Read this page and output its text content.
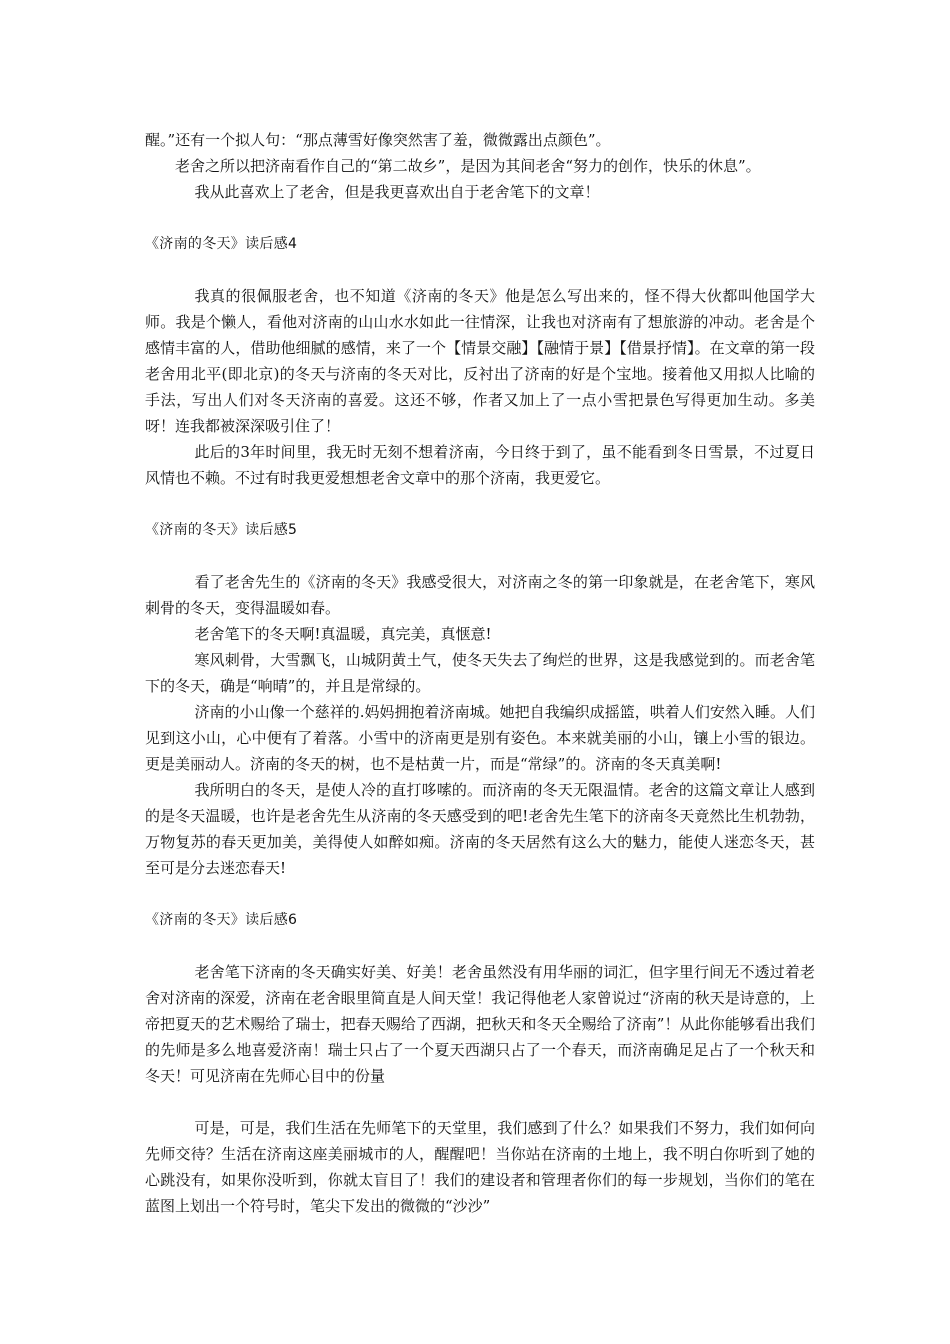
醒。”还有一个拟人句：“那点薄雪好像突然害了羞，微微露出点颜色”。

老舍之所以把济南看作自己的“第二故乡”，是因为其间老舍“努力的创作，快乐的休息”。

我从此喜欢上了老舍，但是我更喜欢出自于老舍笔下的文章！

《济南的冬天》读后感4

我真的很佩服老舍，也不知道《济南的冬天》他是怎么写出来的，怪不得大伙都叫他国学大师。我是个懒人，看他对济南的山山水水如此一往情深，让我也对济南有了想旅游的冲动。老舍是个感情丰富的人，借助他细腻的感情，来了一个【情景交融】【融情于景】【借景抒情】。在文章的第一段老舍用北平(即北京)的冬天与济南的冬天对比，反衬出了济南的好是个宝地。接着他又用拟人比喻的手法，写出人们对冬天济南的喜爱。这还不够，作者又加上了一点小雪把景色写得更加生动。多美呀！连我都被深深吸引住了！

此后的3年时间里，我无时无刻不想着济南，今日终于到了，虽不能看到冬日雪景，不过夏日风情也不赖。不过有时我更爱想想老舍文章中的那个济南，我更爱它。

《济南的冬天》读后感5

看了老舍先生的《济南的冬天》我感受很大，对济南之冬的第一印象就是，在老舍笔下，寒风刺骨的冬天，变得温暖如春。

老舍笔下的冬天啊!真温暖，真完美，真惬意!

寒风刺骨，大雪飘飞，山城阴黄土气，使冬天失去了绚烂的世界，这是我感觉到的。而老舍笔下的冬天，确是“响晴”的，并且是常绿的。

济南的小山像一个慈祥的.妈妈拥抱着济南城。她把自我编织成摇篮，哄着人们安然入睡。人们见到这小山，心中便有了着落。小雪中的济南更是别有姿色。本来就美丽的小山，镶上小雪的银边。更是美丽动人。济南的冬天的树，也不是枯黄一片，而是“常绿”的。济南的冬天真美啊!

我所明白的冬天，是使人冷的直打哆嗦的。而济南的冬天无限温情。老舍的这篇文章让人感到的是冬天温暖，也许是老舍先生从济南的冬天感受到的吧!老舍先生笔下的济南冬天竟然比生机勃勃，万物复苏的春天更加美，美得使人如醉如痴。济南的冬天居然有这么大的魅力，能使人迷恋冬天，甚至可是分去迷恋春天!

《济南的冬天》读后感6

老舍笔下济南的冬天确实好美、好美！老舍虽然没有用华丽的词汇，但字里行间无不透过着老舍对济南的深爱，济南在老舍眼里简直是人间天堂！我记得他老人家曾说过“济南的秋天是诗意的，上帝把夏天的艺术赐给了瑞士，把春天赐给了西湖，把秋天和冬天全赐给了济南”！从此你能够看出我们的先师是多么地喜爱济南！瑞士只占了一个夏天西湖只占了一个春天，而济南确足足占了一个秋天和冬天！可见济南在先师心目中的份量

可是，可是，我们生活在先师笔下的天堂里，我们感到了什么？如果我们不努力，我们如何向先师交待？生活在济南这座美丽城市的人，醒醒吧！当你站在济南的土地上，我不明白你听到了她的心跳没有，如果你没听到，你就太盲目了！我们的建设者和管理者你们的每一步规划，当你们的笔在蓝图上划出一个符号时，笔尖下发出的微微的“沙沙”
